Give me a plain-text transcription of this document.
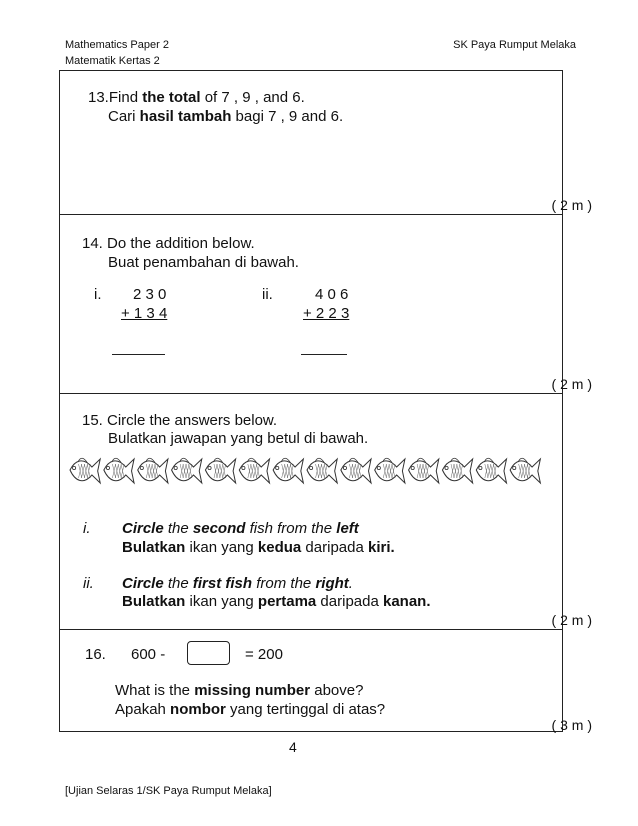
Mathematics Paper 2
Matematik Kertas 2
SK Paya Rumput Melaka
13.Find the total of 7 , 9 , and 6.
Cari hasil tambah bagi 7 , 9 and 6.
( 2 m )
14. Do the addition below.
Buat penambahan di bawah.
i. 2 3 0
+ 1 3 4
ii.	4 0 6
+ 2 2 3
( 2 m )
15. Circle the answers below.
Bulatkan jawapan yang betul di bawah.
i. Circle the second fish from the left
Bulatkan ikan yang kedua daripada kiri.
ii. Circle the first fish from the right.
Bulatkan ikan yang pertama daripada kanan.
( 2 m )
16. 600 -	= 200
What is the missing number above?
Apakah nombor yang tertinggal di atas?
( 3 m )
4
[Ujian Selaras 1/SK Paya Rumput Melaka]
